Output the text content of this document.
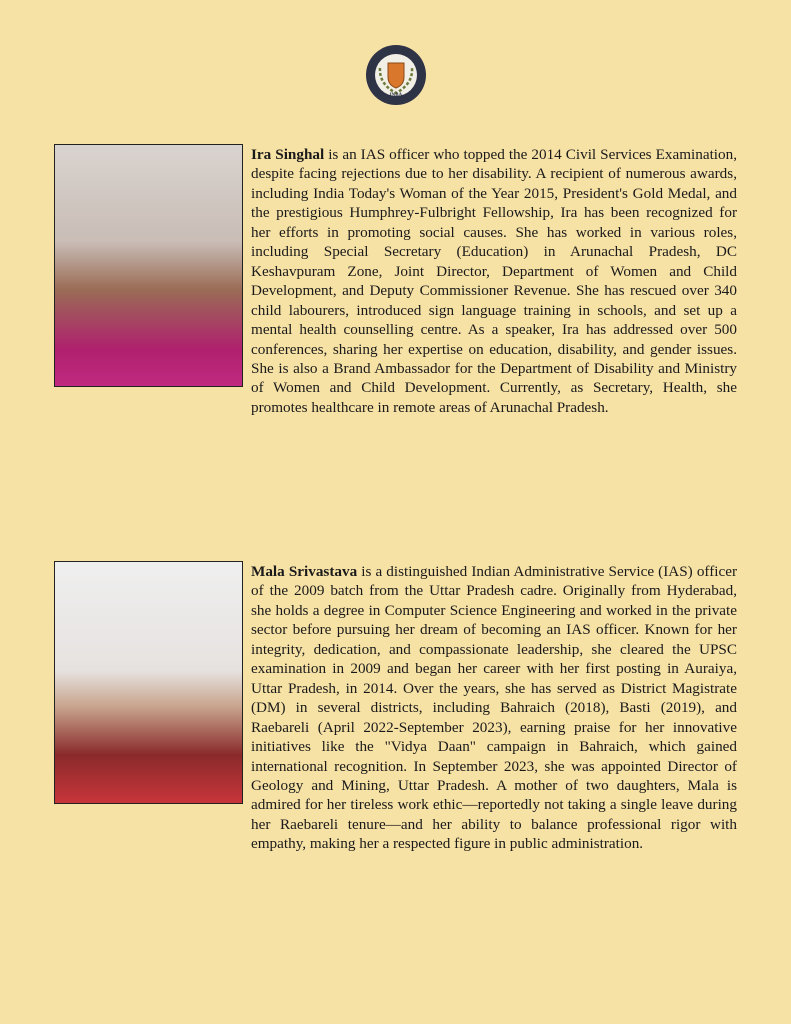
INBA

Ira Singhal is an IAS officer who topped the 2014 Civil Services Examination, despite facing rejections due to her disability. A recipient of numerous awards, including India Today's Woman of the Year 2015, President's Gold Medal, and the prestigious Humphrey-Fulbright Fellowship, Ira has been recognized for her efforts in promoting social causes. She has worked in various roles, including Special Secretary (Education) in Arunachal Pradesh, DC Keshavpuram Zone, Joint Director, Department of Women and Child Development, and Deputy Commissioner Revenue. She has rescued over 340 child labourers, introduced sign language training in schools, and set up a mental health counselling centre. As a speaker, Ira has addressed over 500 conferences, sharing her expertise on education, disability, and gender issues. She is also a Brand Ambassador for the Department of Disability and Ministry of Women and Child Development. Currently, as Secretary, Health, she promotes healthcare in remote areas of Arunachal Pradesh.

Mala Srivastava is a distinguished Indian Administrative Service (IAS) officer of the 2009 batch from the Uttar Pradesh cadre. Originally from Hyderabad, she holds a degree in Computer Science Engineering and worked in the private sector before pursuing her dream of becoming an IAS officer. Known for her integrity, dedication, and compassionate leadership, she cleared the UPSC examination in 2009 and began her career with her first posting in Auraiya, Uttar Pradesh, in 2014. Over the years, she has served as District Magistrate (DM) in several districts, including Bahraich (2018), Basti (2019), and Raebareli (April 2022-September 2023), earning praise for her innovative initiatives like the "Vidya Daan" campaign in Bahraich, which gained international recognition. In September 2023, she was appointed Director of Geology and Mining, Uttar Pradesh. A mother of two daughters, Mala is admired for her tireless work ethic—reportedly not taking a single leave during her Raebareli tenure—and her ability to balance professional rigor with empathy, making her a respected figure in public administration.
